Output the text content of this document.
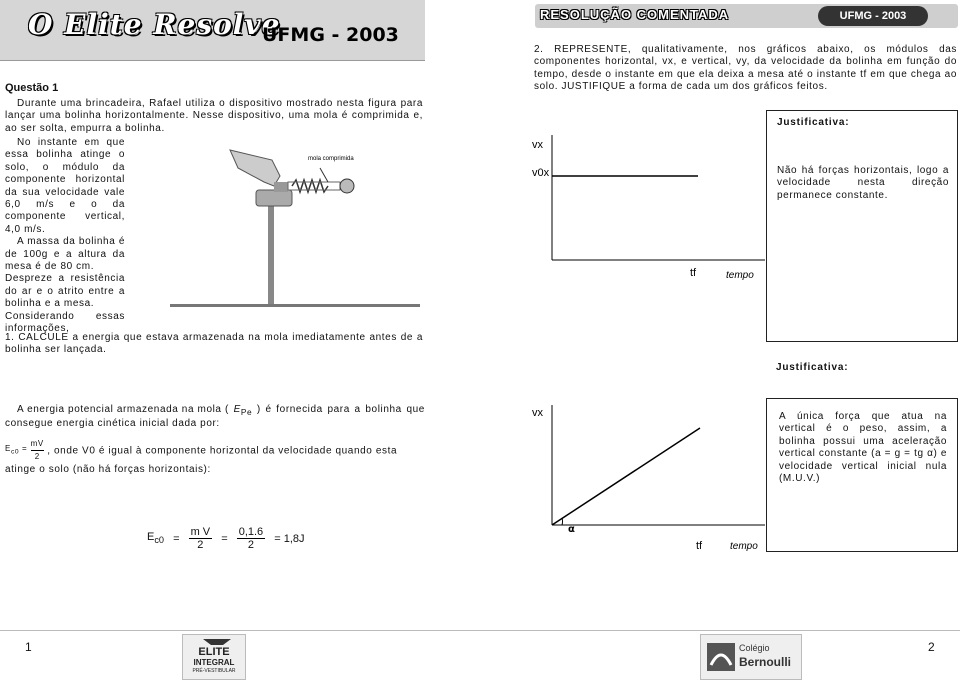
O Elite Resolve
UFMG - 2003
RESOLUÇÃO COMENTADA	UFMG - 2003
Questão 1
Durante uma brincadeira, Rafael utiliza o dispositivo mostrado nesta figura para lançar uma bolinha horizontalmente. Nesse dispositivo, uma mola é comprimida e, ao ser solta, empurra a bolinha.
No instante em que essa bolinha atinge o solo, o módulo da componente horizontal da sua velocidade vale 6,0 m/s e o da componente vertical, 4,0 m/s.
A massa da bolinha é de 100g e a altura da mesa é de 80 cm.
Despreze a resistência do ar e o atrito entre a bolinha e a mesa.
Considerando essas informações,
1. CALCULE a energia que estava armazenada na mola imediatamente antes de a bolinha ser lançada.
mola comprimida
A energia potencial armazenada na mola ( $E_{Pe}$ ) é fornecida para a bolinha que consegue energia cinética inicial dada por:
$E_{c0} = \frac{mV}{2}$ , onde V0 é igual à componente horizontal da velocidade quando esta atinge o solo (não há forças horizontais):
$E_{c0} = \frac{\text{m V}}{2} = \frac{0,1.6}{2} = 1,8J$
2. REPRESENTE, qualitativamente, nos gráficos abaixo, os módulos das componentes horizontal, vx, e vertical, vy, da velocidade da bolinha em função do tempo, desde o instante em que ela deixa a mesa até o instante tf em que chega ao solo. JUSTIFIQUE a forma de cada um dos gráficos feitos.
vx
v0x
tf	tempo
Justificativa:
Não há forças horizontais, logo a velocidade nesta direção permanece constante.
α
vx
tf	tempo
Justificativa:
A única força que atua na vertical é o peso, assim, a bolinha possui uma aceleração vertical constante (a = g = tg α) e velocidade vertical inicial nula (M.U.V.)
1	2
ELITE
INTEGRAL
PRÉ-VESTIBULAR
Colégio
Bernoulli
